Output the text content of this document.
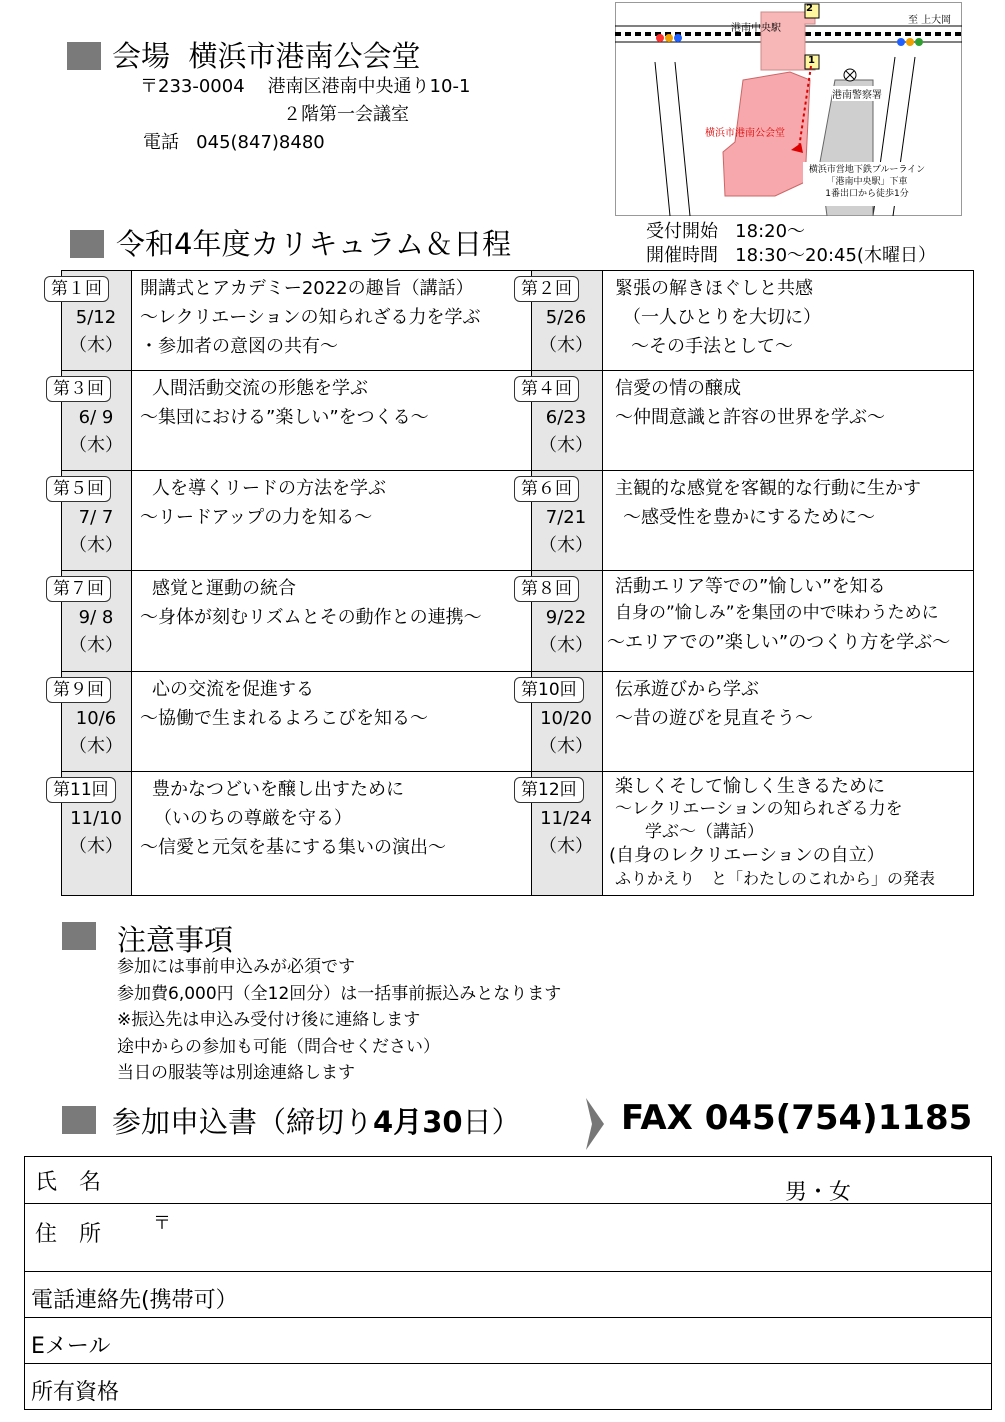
会場 横浜市港南公会堂
〒233-0004 港南区港南中央通り10-1
２階第一会議室
電話 045(847)8480
港南中央駅
至 上大岡
2
1
港南警察署
横浜市港南公会堂
横浜市営地下鉄ブルーライン
「港南中央駅」下車
1番出口から徒歩1分
令和4年度カリキュラム＆日程	受付開始 18:20〜
開催時間 18:30〜20:45(木曜日）
第１回
5/12
（木）
開講式とアカデミー2022の趣旨（講話）
〜レクリエーションの知られざる力を学ぶ
・参加者の意図の共有〜
第２回
5/26
（木）
緊張の解きほぐしと共感
（一人ひとりを大切に）
〜その手法として〜
第３回
6/ 9
（木）
人間活動交流の形態を学ぶ
〜集団における”楽しい”をつくる〜
第４回
6/23
（木）
信愛の情の醸成
〜仲間意識と許容の世界を学ぶ〜
第５回
7/ 7
（木）
人を導くリードの方法を学ぶ
〜リードアップの力を知る〜
第６回
7/21
（木）
主観的な感覚を客観的な行動に生かす
〜感受性を豊かにするために〜
第７回
9/ 8
（木）
感覚と運動の統合
〜身体が刻むリズムとその動作との連携〜
第８回
9/22
（木）
活動エリア等での”愉しい”を知る
自身の”愉しみ”を集団の中で味わうために
〜エリアでの”楽しい”のつくり方を学ぶ〜
第９回
10/6
（木）
心の交流を促進する
〜協働で生まれるよろこびを知る〜
第10回
10/20
（木）
伝承遊びから学ぶ
〜昔の遊びを見直そう〜
第11回
11/10
（木）
豊かなつどいを醸し出すために
（いのちの尊厳を守る）
〜信愛と元気を基にする集いの演出〜
第12回
11/24
（木）
楽しくそして愉しく生きるために
〜レクリエーションの知られざる力を
学ぶ〜（講話）
(自身のレクリエーションの自立）
ふりかえり　と「わたしのこれから」の発表
注意事項
参加には事前申込みが必須です
参加費6,000円（全12回分）は一括事前振込みとなります
※振込先は申込み受付け後に連絡します
途中からの参加も可能（問合せください）
当日の服装等は別途連絡します
参加申込書（締切り4月30日）	FAX 045(754)1185
氏　名	男・女
住　所	〒
電話連絡先(携帯可）
Eメール
所有資格
